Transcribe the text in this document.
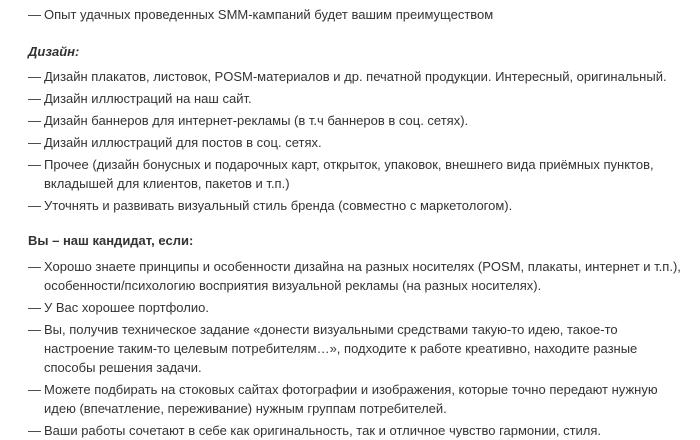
— Опыт удачных проведенных SMM-кампаний будет вашим преимуществом
Дизайн:
— Дизайн плакатов, листовок, POSM-материалов и др. печатной продукции. Интересный, оригинальный.
— Дизайн иллюстраций на наш сайт.
— Дизайн баннеров для интернет-рекламы (в т.ч баннеров в соц. сетях).
— Дизайн иллюстраций для постов в соц. сетях.
— Прочее (дизайн бонусных и подарочных карт, открыток, упаковок, внешнего вида приёмных пунктов, вкладышей для клиентов, пакетов и т.п.)
— Уточнять и развивать визуальный стиль бренда (совместно с маркетологом).
Вы – наш кандидат, если:
— Хорошо знаете принципы и особенности дизайна на разных носителях (POSM, плакаты, интернет и т.п.), особенности/психологию восприятия визуальной рекламы (на разных носителях).
— У Вас хорошее портфолио.
— Вы, получив техническое задание «донести визуальными средствами такую-то идею, такое-то настроение таким-то целевым потребителям…», подходите к работе креативно, находите разные способы решения задачи.
— Можете подбирать на стоковых сайтах фотографии и изображения, которые точно передают нужную идею (впечатление, переживание) нужным группам потребителей.
— Ваши работы сочетают в себе как оригинальность, так и отличное чувство гармонии, стиля.
